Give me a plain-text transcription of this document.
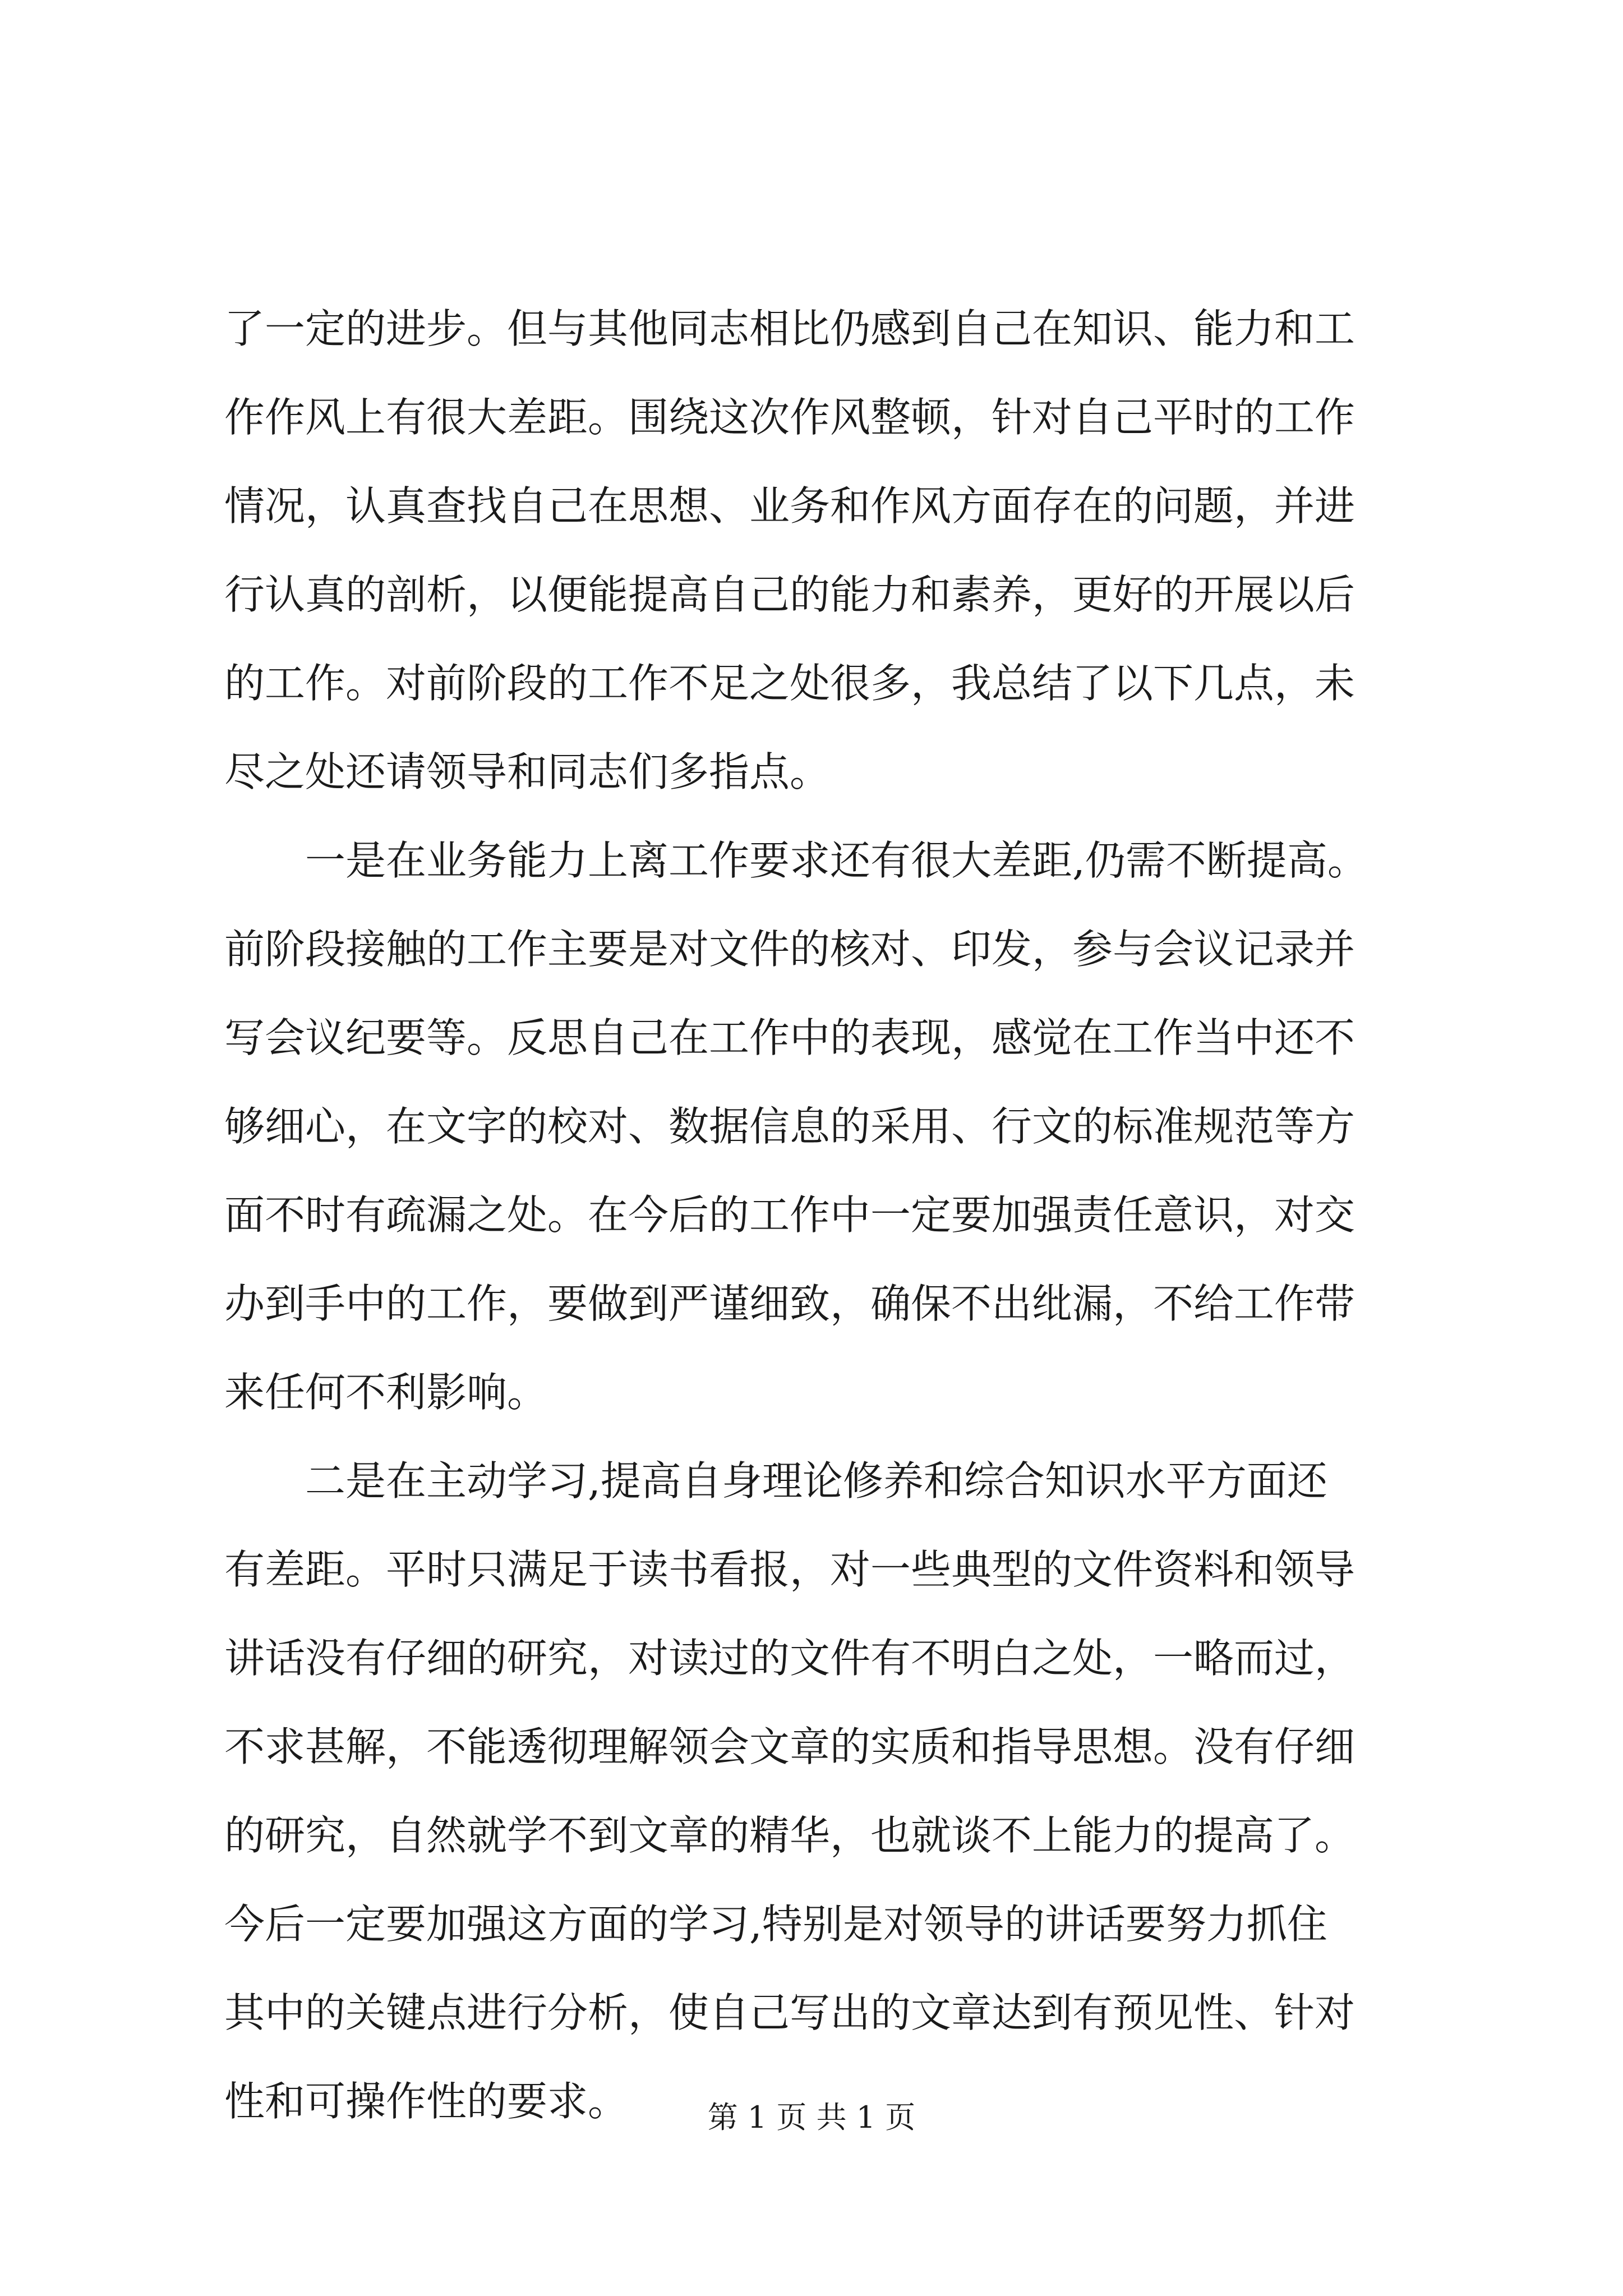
了一定的进步。但与其他同志相比仍感到自己在知识、能力和工
作作风上有很大差距。围绕这次作风整顿，针对自己平时的工作
情况，认真查找自己在思想、业务和作风方面存在的问题，并进
行认真的剖析，以便能提高自己的能力和素养，更好的开展以后
的工作。对前阶段的工作不足之处很多，我总结了以下几点，未
尽之处还请领导和同志们多指点。
一是在业务能力上离工作要求还有很大差距,仍需不断提高。
前阶段接触的工作主要是对文件的核对、印发，参与会议记录并
写会议纪要等。反思自己在工作中的表现，感觉在工作当中还不
够细心，在文字的校对、数据信息的采用、行文的标准规范等方
面不时有疏漏之处。在今后的工作中一定要加强责任意识，对交
办到手中的工作，要做到严谨细致，确保不出纰漏，不给工作带
来任何不利影响。
二是在主动学习,提高自身理论修养和综合知识水平方面还
有差距。平时只满足于读书看报，对一些典型的文件资料和领导
讲话没有仔细的研究，对读过的文件有不明白之处，一略而过，
不求甚解，不能透彻理解领会文章的实质和指导思想。没有仔细
的研究，自然就学不到文章的精华，也就谈不上能力的提高了。
今后一定要加强这方面的学习,特别是对领导的讲话要努力抓住
其中的关键点进行分析，使自己写出的文章达到有预见性、针对
性和可操作性的要求。	第 1 页 共 1 页
